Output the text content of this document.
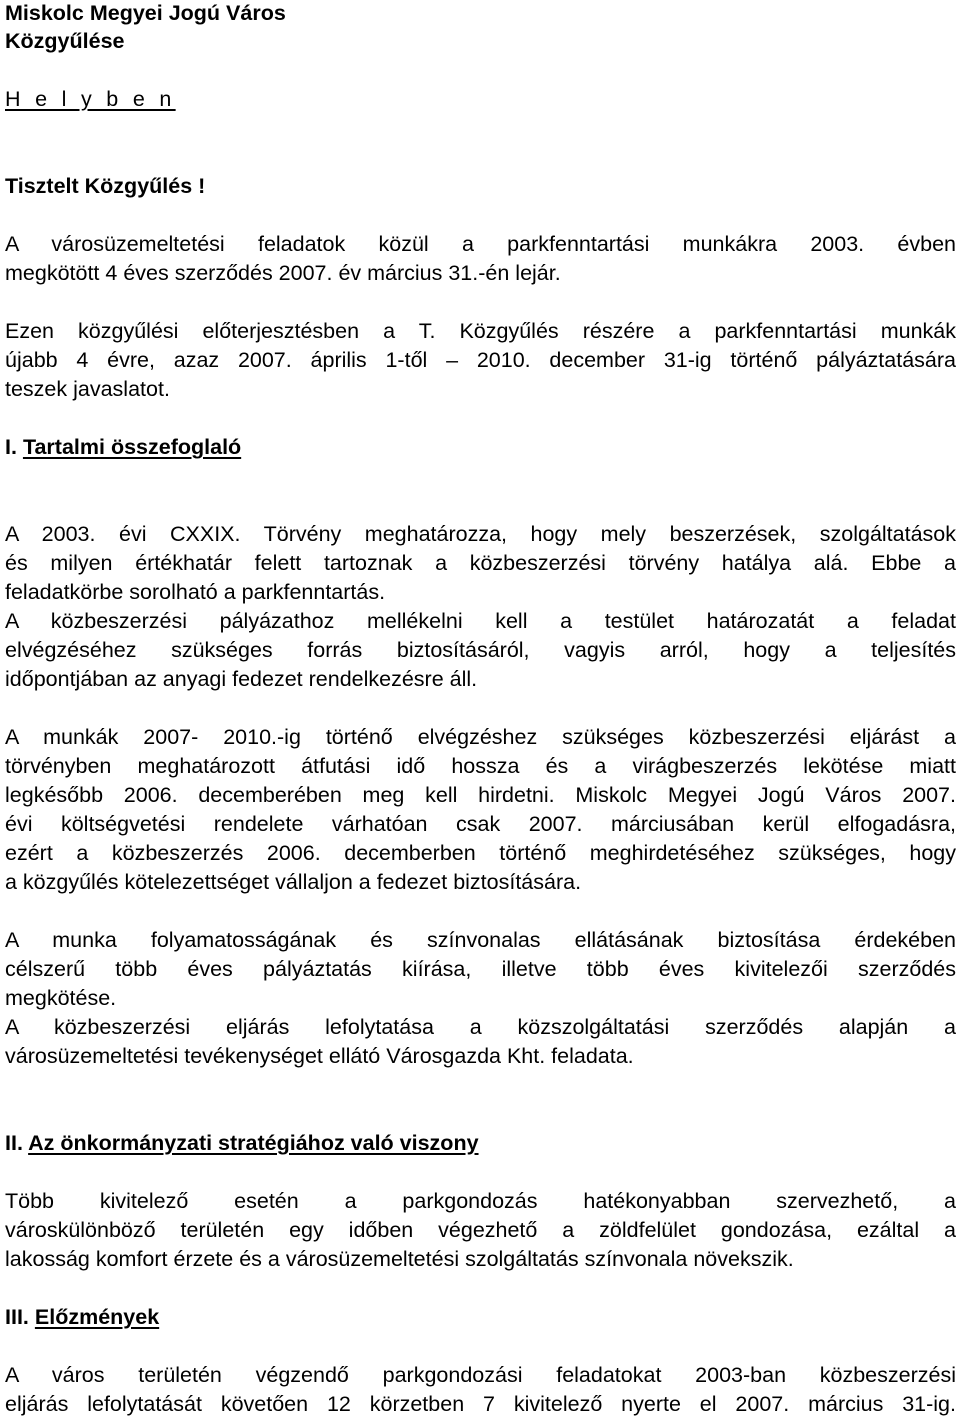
Miskolc Megyei Jogú Város
Közgyűlése
H e l y b e n
Tisztelt Közgyűlés !
A városüzemeltetési feladatok közül a parkfenntartási munkákra 2003. évben
megkötött 4 éves szerződés 2007. év március 31.-én lejár.
Ezen közgyűlési előterjesztésben a T. Közgyűlés részére a parkfenntartási munkák
újabb 4 évre, azaz 2007. április 1-től – 2010. december 31-ig történő pályáztatására
teszek javaslatot.
I. Tartalmi összefoglaló
A 2003. évi CXXIX. Törvény meghatározza, hogy mely beszerzések, szolgáltatások
és milyen értékhatár felett tartoznak a közbeszerzési törvény hatálya alá. Ebbe a
feladatkörbe sorolható a parkfenntartás.
A közbeszerzési pályázathoz mellékelni kell a testület határozatát a feladat
elvégzéséhez szükséges forrás biztosításáról, vagyis arról, hogy a teljesítés
időpontjában az anyagi fedezet rendelkezésre áll.
A munkák 2007- 2010.-ig történő elvégzéshez szükséges közbeszerzési eljárást a
törvényben meghatározott átfutási idő hossza és a virágbeszerzés lekötése miatt
legkésőbb 2006. decemberében meg kell hirdetni. Miskolc Megyei Jogú Város 2007.
évi költségvetési rendelete várhatóan csak 2007. márciusában kerül elfogadásra,
ezért a közbeszerzés 2006. decemberben történő meghirdetéséhez szükséges, hogy
a közgyűlés kötelezettséget vállaljon a fedezet biztosítására.
A munka folyamatosságának és színvonalas ellátásának biztosítása érdekében
célszerű több éves pályáztatás kiírása, illetve több éves kivitelezői szerződés
megkötése.
A közbeszerzési eljárás lefolytatása a közszolgáltatási szerződés alapján a
városüzemeltetési tevékenységet ellátó Városgazda Kht. feladata.
II. Az önkormányzati stratégiához való viszony
Több kivitelező esetén a parkgondozás hatékonyabban szervezhető, a
városkülönböző területén egy időben végezhető a zöldfelület gondozása, ezáltal a
lakosság komfort érzete és a városüzemeltetési szolgáltatás színvonala növekszik.
III. Előzmények
A város területén végzendő parkgondozási feladatokat 2003-ban közbeszerzési
eljárás lefolytatását követően 12 körzetben 7 kivitelező nyerte el 2007. március 31-ig.
